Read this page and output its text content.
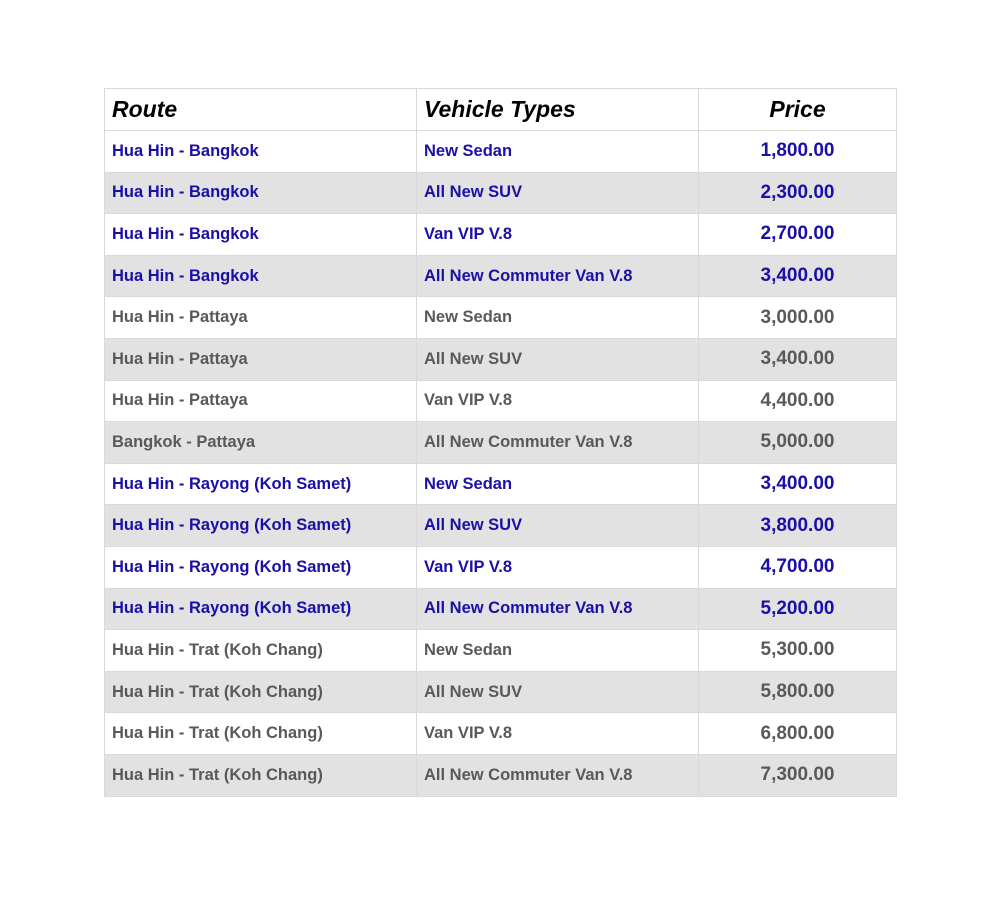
Route	Vehicle Types	Price
Hua Hin - Bangkok	New Sedan	1,800.00
Hua Hin - Bangkok	All New SUV	2,300.00
Hua Hin - Bangkok	Van VIP V.8	2,700.00
Hua Hin - Bangkok	All New Commuter Van V.8	3,400.00
Hua Hin - Pattaya	New Sedan	3,000.00
Hua Hin - Pattaya	All New SUV	3,400.00
Hua Hin - Pattaya	Van VIP V.8	4,400.00
Bangkok - Pattaya	All New Commuter Van V.8	5,000.00
Hua Hin - Rayong (Koh Samet)	New Sedan	3,400.00
Hua Hin - Rayong (Koh Samet)	All New SUV	3,800.00
Hua Hin - Rayong (Koh Samet)	Van VIP V.8	4,700.00
Hua Hin - Rayong (Koh Samet)	All New Commuter Van V.8	5,200.00
Hua Hin - Trat (Koh Chang)	New Sedan	5,300.00
Hua Hin - Trat (Koh Chang)	All New SUV	5,800.00
Hua Hin - Trat (Koh Chang)	Van VIP V.8	6,800.00
Hua Hin - Trat (Koh Chang)	All New Commuter Van V.8	7,300.00
